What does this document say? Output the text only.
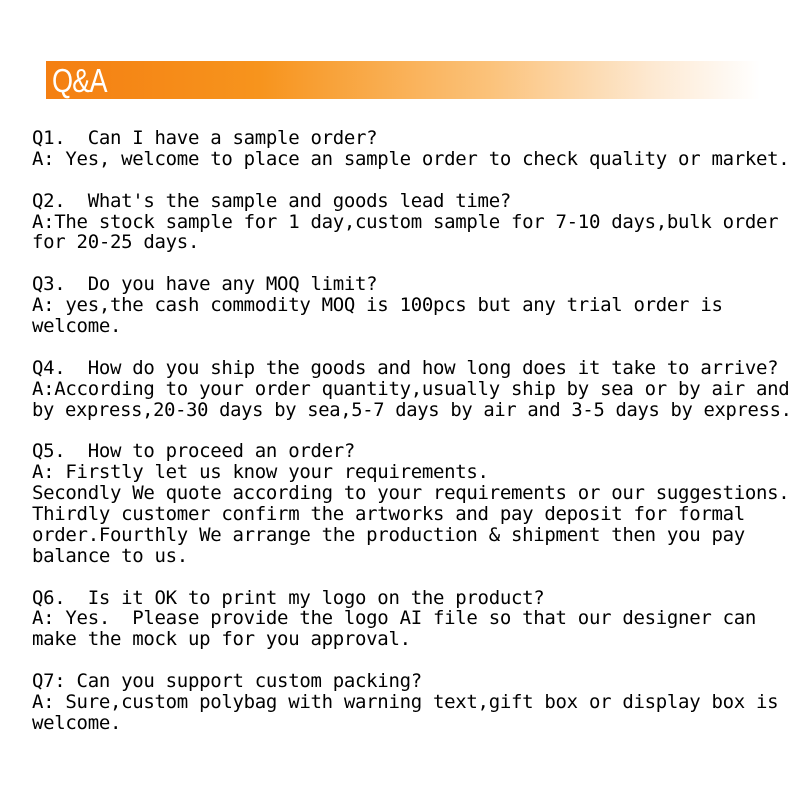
Q&A
Q1.  Can I have a sample order?
A: Yes, welcome to place an sample order to check quality or market.
Q2.  What's the sample and goods lead time?
A:The stock sample for 1 day,custom sample for 7-10 days,bulk order
for 20-25 days.
Q3.  Do you have any MOQ limit?
A: yes,the cash commodity MOQ is 100pcs but any trial order is
welcome.
Q4.  How do you ship the goods and how long does it take to arrive?
A:According to your order quantity,usually ship by sea or by air and
by express,20-30 days by sea,5-7 days by air and 3-5 days by express.
Q5.  How to proceed an order?
A: Firstly let us know your requirements.
Secondly We quote according to your requirements or our suggestions.
Thirdly customer confirm the artworks and pay deposit for formal
order.Fourthly We arrange the production & shipment then you pay
balance to us.
Q6.  Is it OK to print my logo on the product?
A: Yes.  Please provide the logo AI file so that our designer can
make the mock up for you approval.
Q7: Can you support custom packing?
A: Sure,custom polybag with warning text,gift box or display box is
welcome.
